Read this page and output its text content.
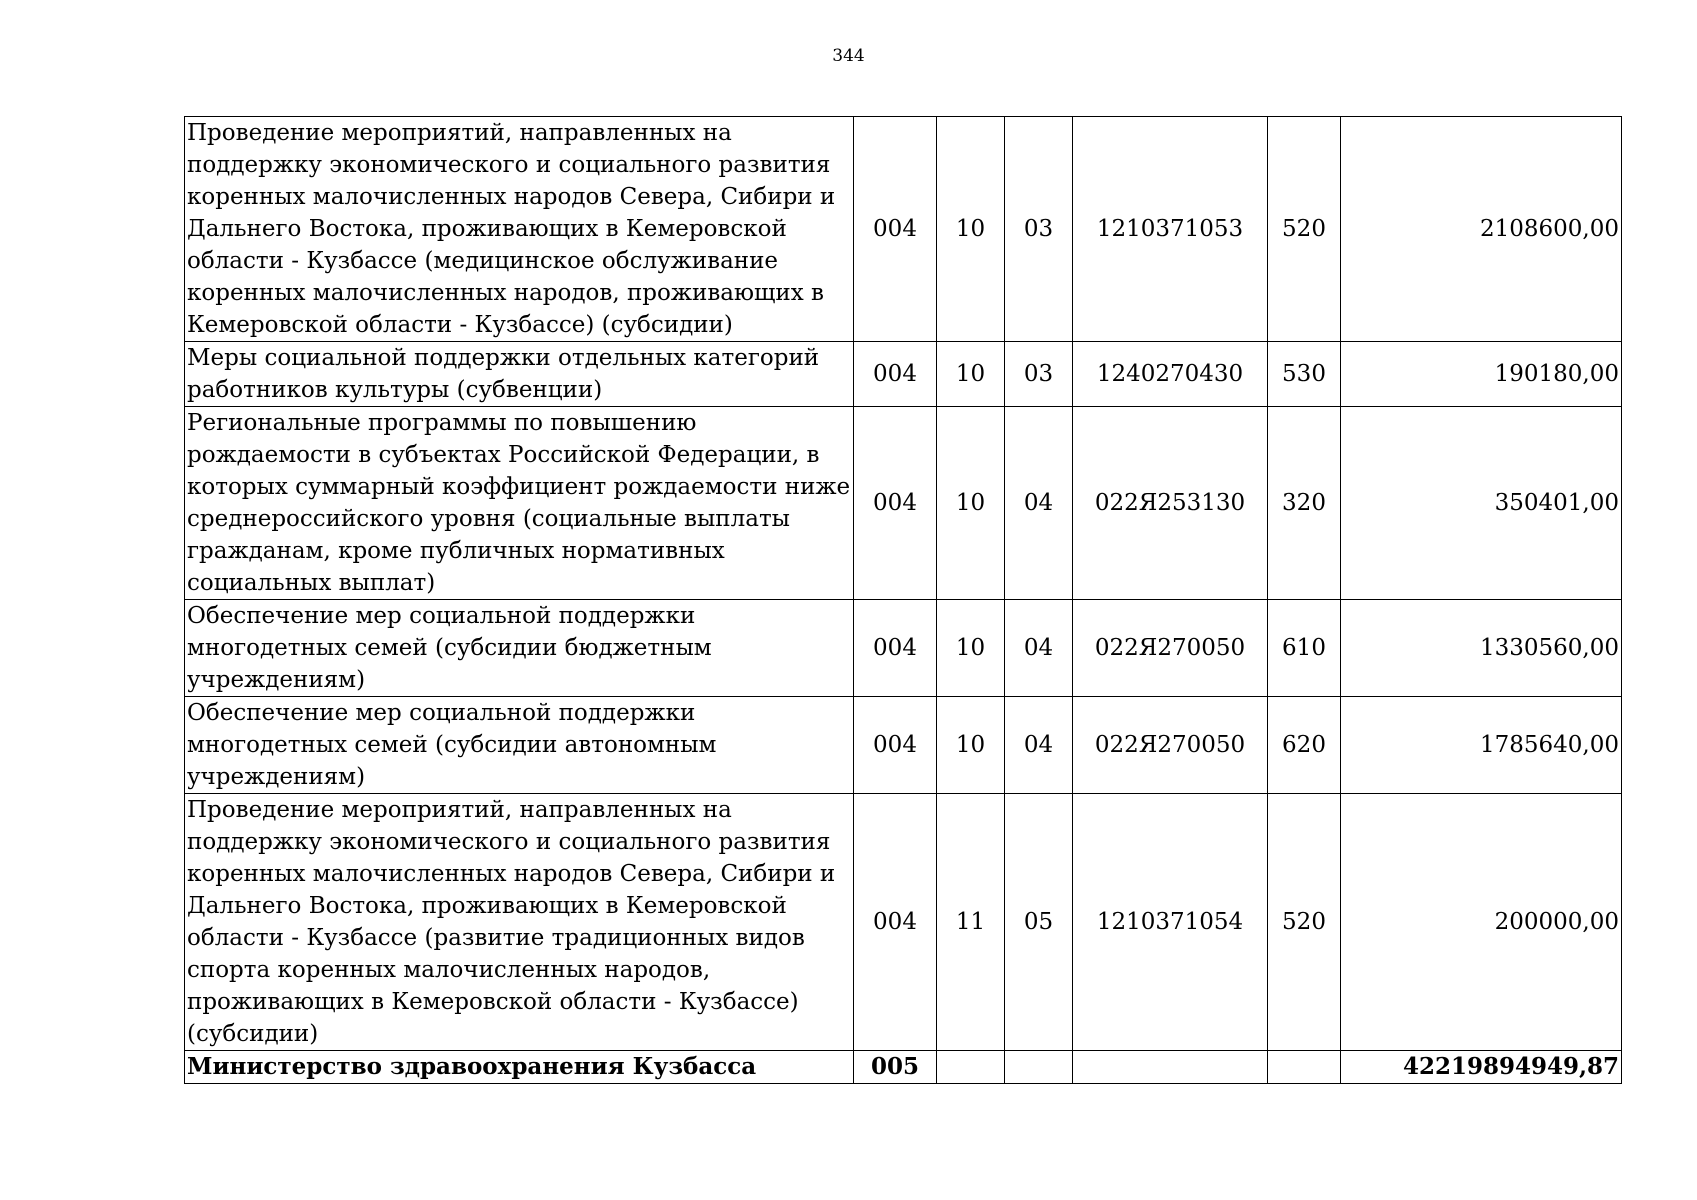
344
Проведение мероприятий, направленных на поддержку экономического и социального развития коренных малочисленных народов Севера, Сибири и Дальнего Востока, проживающих в Кемеровской области - Кузбассе (медицинское обслуживание коренных малочисленных народов, проживающих в Кемеровской области - Кузбассе) (субсидии)	004	10	03	1210371053	520	2108600,00
Меры социальной поддержки отдельных категорий работников культуры (субвенции)	004	10	03	1240270430	530	190180,00
Региональные программы по повышению рождаемости в субъектах Российской Федерации, в которых суммарный коэффициент рождаемости ниже среднероссийского уровня (социальные выплаты гражданам, кроме публичных нормативных социальных выплат)	004	10	04	022Я253130	320	350401,00
Обеспечение мер социальной поддержки многодетных семей (субсидии бюджетным учреждениям)	004	10	04	022Я270050	610	1330560,00
Обеспечение мер социальной поддержки многодетных семей (субсидии автономным учреждениям)	004	10	04	022Я270050	620	1785640,00
Проведение мероприятий, направленных на поддержку экономического и социального развития коренных малочисленных народов Севера, Сибири и Дальнего Востока, проживающих в Кемеровской области - Кузбассе (развитие традиционных видов спорта коренных малочисленных народов, проживающих в Кемеровской области - Кузбассе) (субсидии)	004	11	05	1210371054	520	200000,00
Министерство здравоохранения Кузбасса	005					42219894949,87
